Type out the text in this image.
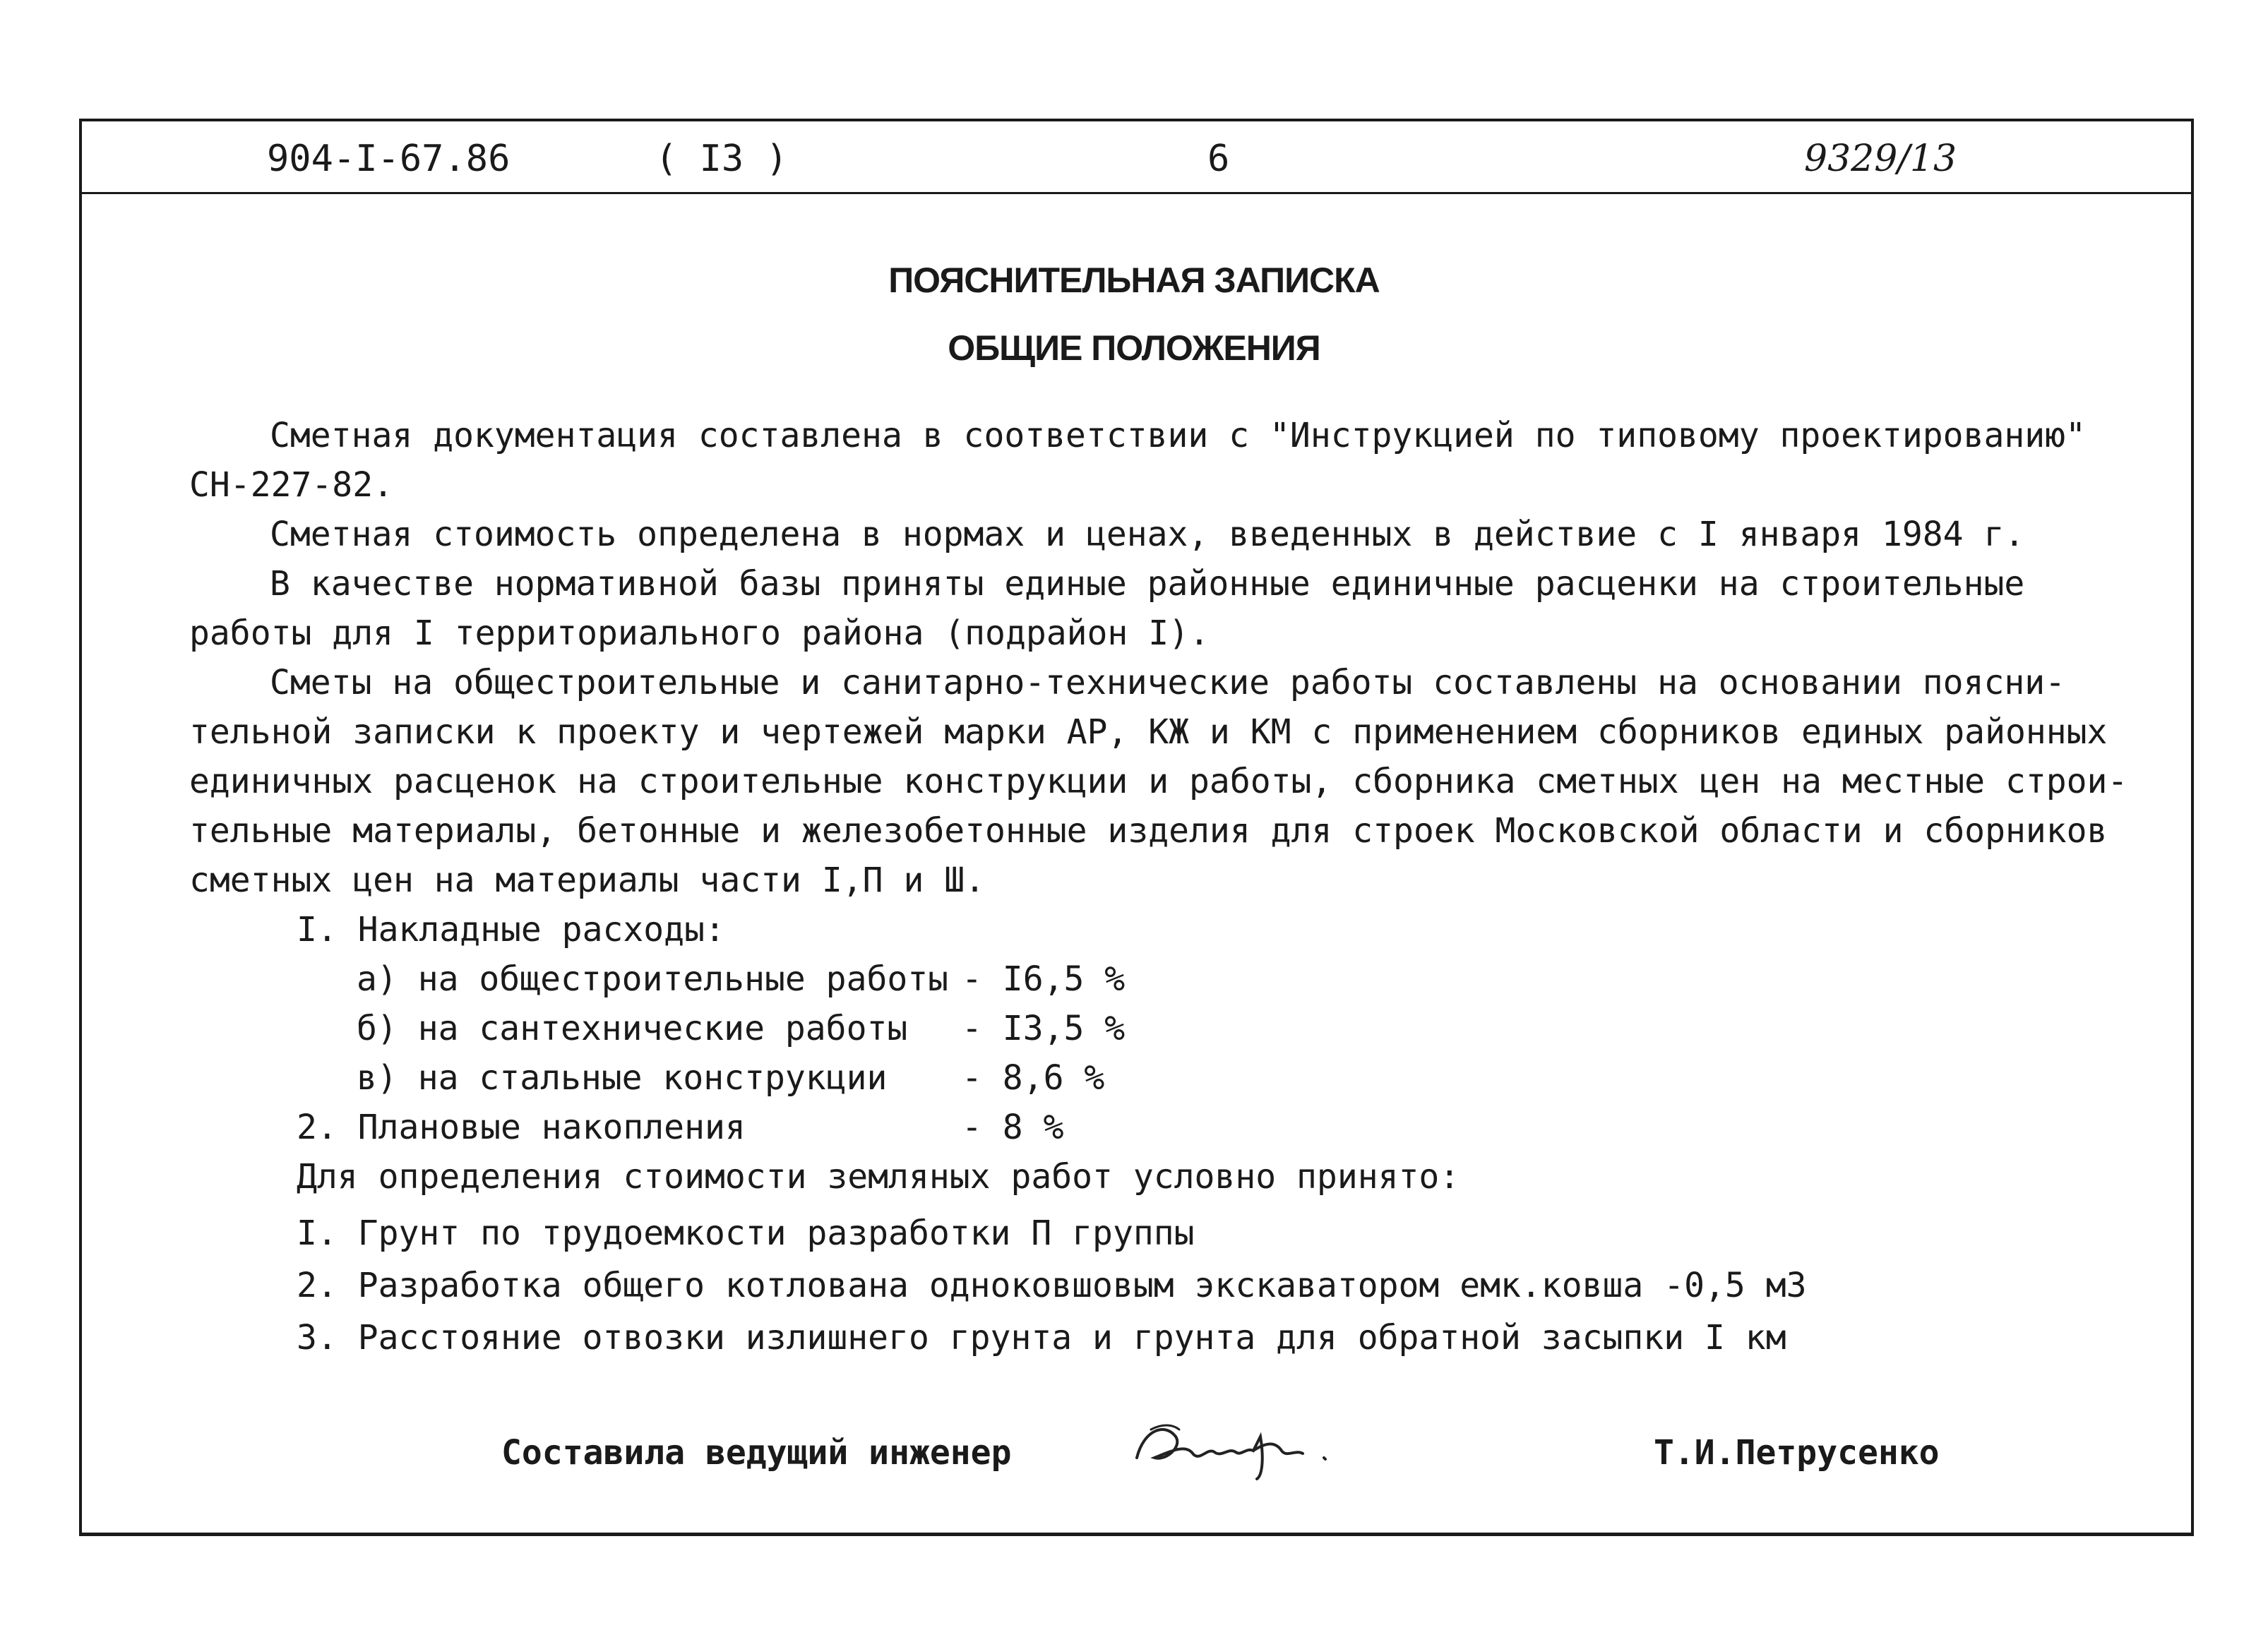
904-I-67.86	( I3 )	6	9329/13
ПОЯСНИТЕЛЬНАЯ ЗАПИСКА
ОБЩИЕ ПОЛОЖЕНИЯ
Сметная документация составлена в соответствии с "Инструкцией по типовому проектированию"
СН-227-82.
Сметная стоимость определена в нормах и ценах, введенных в действие с I января 1984 г.
В качестве нормативной базы приняты единые районные единичные расценки на строительные
работы для I территориального района (подрайон I).
Сметы на общестроительные и санитарно-технические работы составлены на основании поясни-
тельной записки к проекту и чертежей марки АР, КЖ и КМ с применением сборников единых районных
единичных расценок на строительные конструкции и работы, сборника сметных цен на местные строи-
тельные материалы, бетонные и железобетонные изделия для строек Московской области и сборников
сметных цен на материалы части I,П и Ш.
I. Накладные расходы:
а) на общестроительные работы - I6,5 %
б) на сантехнические работы - I3,5 %
в) на стальные конструкции - 8,6 %
2. Плановые накопления	- 8 %
Для определения стоимости земляных работ условно принято:
I. Грунт по трудоемкости разработки П группы
2. Разработка общего котлована одноковшовым экскаватором емк.ковша -0,5 м3
3. Расстояние отвозки излишнего грунта и грунта для обратной засыпки I км
Составила ведущий инженер	Т.И.Петрусенко
